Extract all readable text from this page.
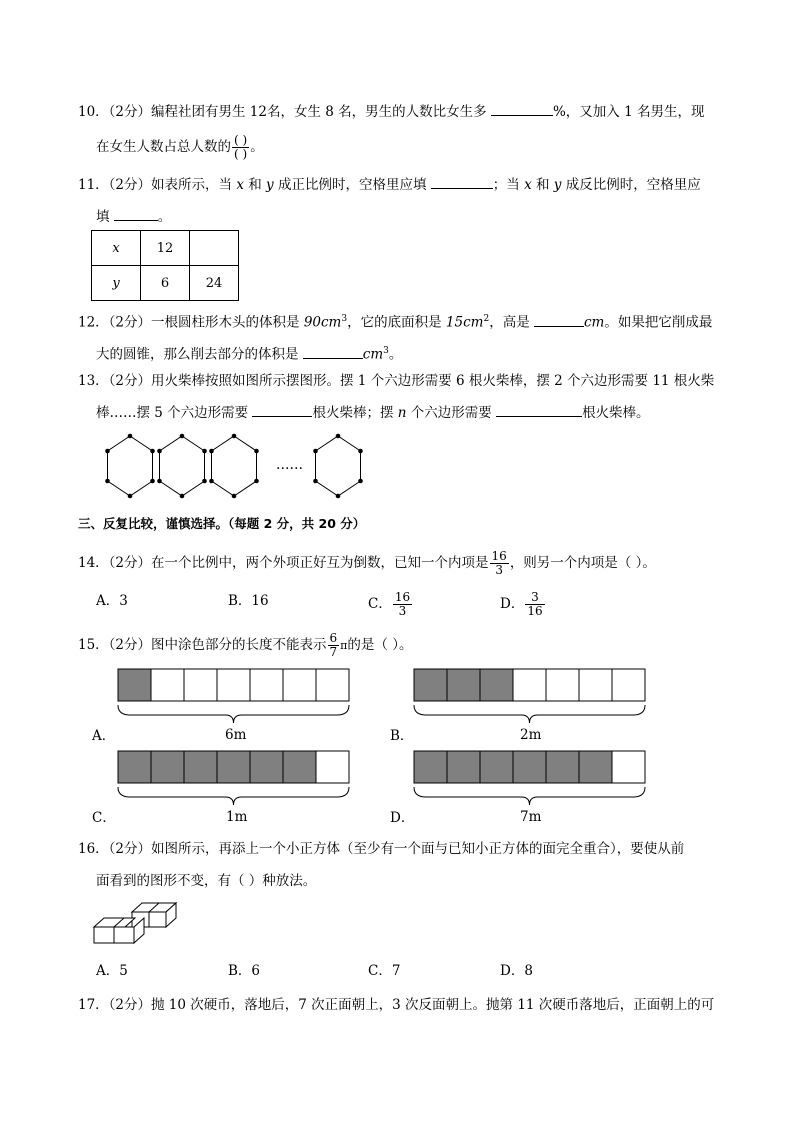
10．（2分）编程社团有男生 12名，女生 8 名，男生的人数比女生多	%，又加入 1 名男生，现
在女生人数占总人数的 $\frac{( )}{( )}$ 。
11．（2分）如表所示，当 x 和 y 成正比例时，空格里应填	；当 x 和 y 成反比例时，空格里应
填	。
x	12	
y	6	24
12．（2分）一根圆柱形木头的体积是 $90cm^3$，它的底面积是 $15cm^2$，高是	cm。如果把它削成最
大的圆锥，那么削去部分的体积是	$cm^3$。
13．（2分）用火柴棒按照如图所示摆图形。摆 1 个六边形需要 6 根火柴棒，摆 2 个六边形需要 11 根火柴
棒……摆 5 个六边形需要	根火柴棒；摆 n 个六边形需要	根火柴棒。
……
三、反复比较，谨慎选择。（每题 2 分，共 20 分）
14．（2分）在一个比例中，两个外项正好互为倒数，已知一个内项是 $\frac{16}{3}$ ，则另一个内项是（ ）。
A．3	B．16	C． $\frac{16}{3}$	D． $\frac{3}{16}$
15．（2分）图中涂色部分的长度不能表示 $\frac{6}{7}$ π的是（ ）。
A．	B．
C．	D．
6m	2m
1m	7m
16．（2分）如图所示，再添上一个小正方体（至少有一个面与已知小正方体的面完全重合），要使从前
面看到的图形不变，有（ ）种放法。
A．5	B．6	C．7	D．8
17．（2分）抛 10 次硬币，落地后，7 次正面朝上，3 次反面朝上。抛第 11 次硬币落地后，正面朝上的可
